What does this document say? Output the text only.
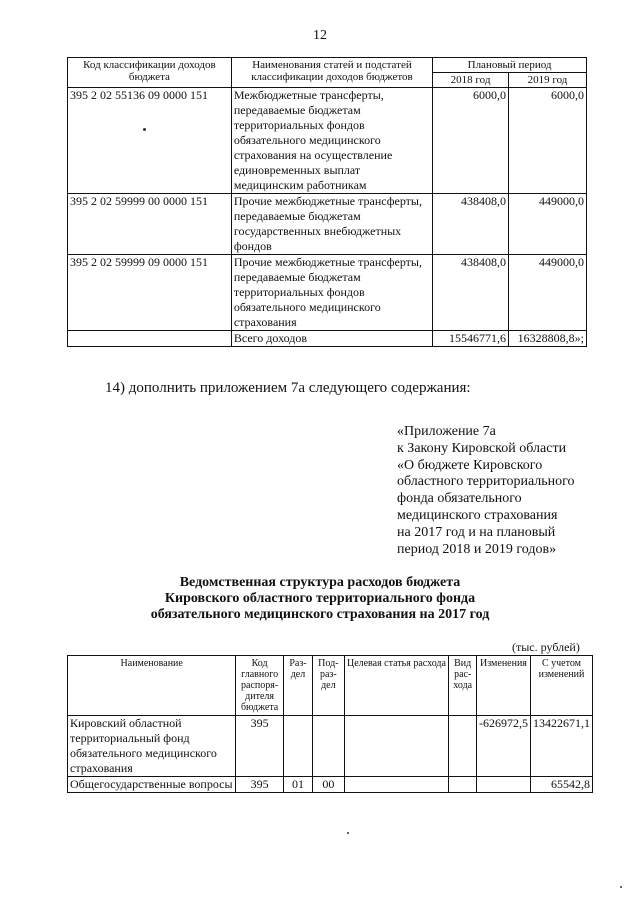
12
Код классификации доходов бюджета	Наименования статей и подстатей классификации доходов бюджетов	Плановый период	
		2018 год	2019 год
395 2 02 55136 09 0000 151	Межбюджетные трансферты, передаваемые бюджетам территориальных фондов обязательного медицинского страхования на осуществление единовременных выплат медицинским работникам	6000,0	6000,0
395 2 02 59999 00 0000 151	Прочие межбюджетные трансферты, передаваемые бюджетам государственных внебюджетных фондов	438408,0	449000,0
395 2 02 59999 09 0000 151	Прочие межбюджетные трансферты, передаваемые бюджетам территориальных фондов обязательного медицинского страхования	438408,0	449000,0
	Всего доходов	15546771,6	16328808,8»;
14) дополнить приложением 7а следующего содержания:
«Приложение 7а
к Закону Кировской области
«О бюджете Кировского
областного территориального
фонда обязательного
медицинского страхования
на 2017 год и на плановый
период 2018 и 2019 годов»
Ведомственная структура расходов бюджета
Кировского областного территориального фонда
обязательного медицинского страхования на 2017 год
(тыс. рублей)
Наименование	Код главного распоря-дителя бюджета	Раз-дел	Под-раз-дел	Целевая статья расхода	Вид рас-хода	Изменения	С учетом изменений
Кировский областной территориальный фонд обязательного медицинского страхования	395					-626972,5	13422671,1
Общегосударственные вопросы	395	01	00				65542,8
